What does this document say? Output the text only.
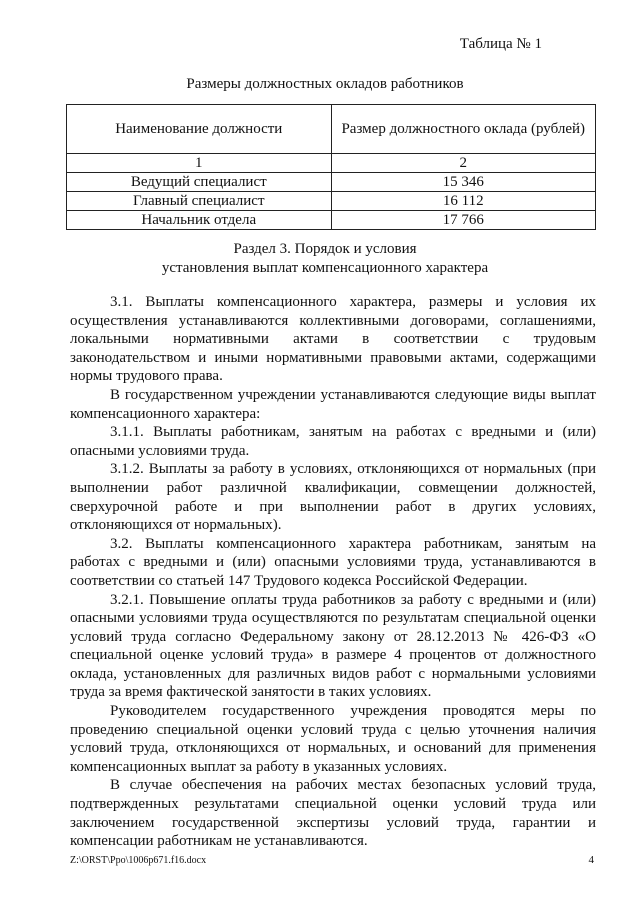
Таблица № 1
Размеры должностных окладов работников
Наименование должности	Размер должностного оклада (рублей)
1	2
Ведущий специалист	15 346
Главный специалист	16 112
Начальник отдела	17 766
Раздел 3. Порядок и условия
установления выплат компенсационного характера

3.1. Выплаты компенсационного характера, размеры и условия их осуществления устанавливаются коллективными договорами, соглашениями, локальными нормативными актами в соответствии с трудовым законодательством и иными нормативными правовыми актами, содержащими нормы трудового права.

В государственном учреждении устанавливаются следующие виды выплат компенсационного характера:

3.1.1. Выплаты работникам, занятым на работах с вредными и (или) опасными условиями труда.

3.1.2. Выплаты за работу в условиях, отклоняющихся от нормальных (при выполнении работ различной квалификации, совмещении должностей, сверхурочной работе и при выполнении работ в других условиях, отклоняющихся от нормальных).

3.2. Выплаты компенсационного характера работникам, занятым на работах с вредными и (или) опасными условиями труда, устанавливаются в соответствии со статьей 147 Трудового кодекса Российской Федерации.

3.2.1. Повышение оплаты труда работников за работу с вредными и (или) опасными условиями труда осуществляются по результатам специальной оценки условий труда согласно Федеральному закону от 28.12.2013 № 426-ФЗ «О специальной оценке условий труда» в размере 4 процентов от должностного оклада, установленных для различных видов работ с нормальными условиями труда за время фактической занятости в таких условиях.

Руководителем государственного учреждения проводятся меры по проведению специальной оценки условий труда с целью уточнения наличия условий труда, отклоняющихся от нормальных, и оснований для применения компенсационных выплат за работу в указанных условиях.

В случае обеспечения на рабочих местах безопасных условий труда, подтвержденных результатами специальной оценки условий труда или заключением государственной экспертизы условий труда, гарантии и компенсации работникам не устанавливаются.

Z:\ORST\Ppo\1006p671.f16.docx	4
